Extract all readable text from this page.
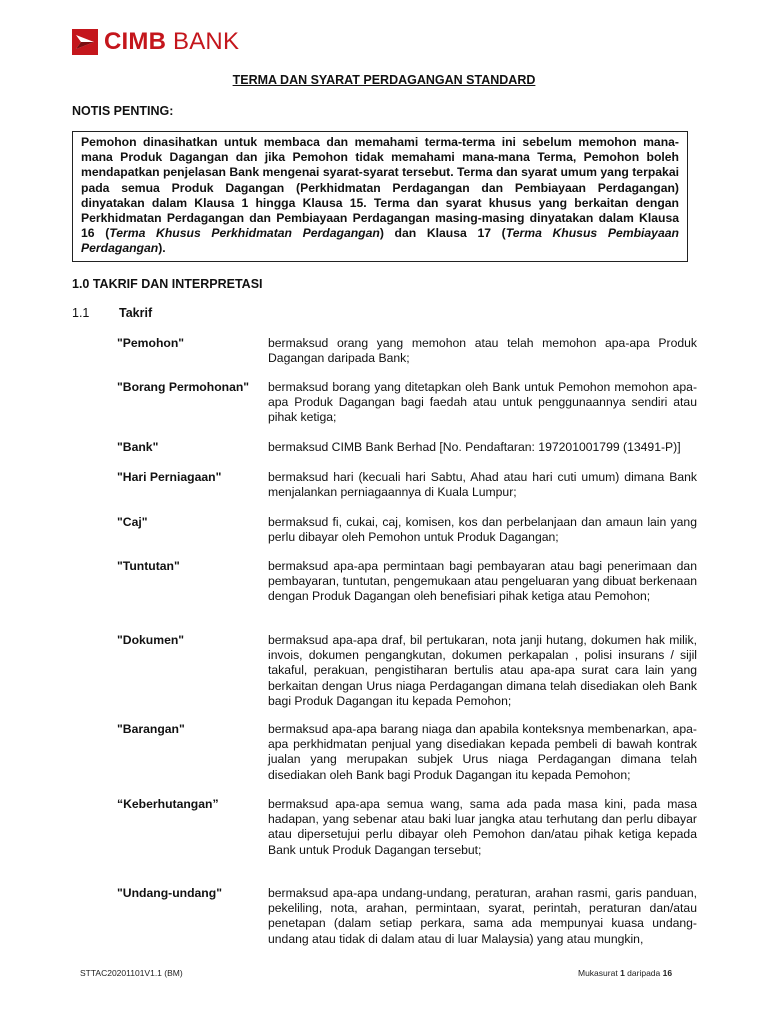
CIMB BANK
TERMA DAN SYARAT PERDAGANGAN STANDARD
NOTIS PENTING:
Pemohon dinasihatkan untuk membaca dan memahami terma-terma ini sebelum memohon mana-mana Produk Dagangan dan jika Pemohon tidak memahami mana-mana Terma, Pemohon boleh mendapatkan penjelasan Bank mengenai syarat-syarat tersebut. Terma dan syarat umum yang terpakai pada semua Produk Dagangan (Perkhidmatan Perdagangan dan Pembiayaan Perdagangan) dinyatakan dalam Klausa 1 hingga Klausa 15. Terma dan syarat khusus yang berkaitan dengan Perkhidmatan Perdagangan dan Pembiayaan Perdagangan masing-masing dinyatakan dalam Klausa 16 (Terma Khusus Perkhidmatan Perdagangan) dan Klausa 17 (Terma Khusus Pembiayaan Perdagangan).
1.0 TAKRIF DAN INTERPRETASI
1.1 Takrif
"Pemohon"	bermaksud orang yang memohon atau telah memohon apa-apa Produk Dagangan daripada Bank;
"Borang Permohonan"	bermaksud borang yang ditetapkan oleh Bank untuk Pemohon memohon apa-apa Produk Dagangan bagi faedah atau untuk penggunaannya sendiri atau pihak ketiga;
"Bank"	bermaksud CIMB Bank Berhad [No. Pendaftaran: 197201001799 (13491-P)]
"Hari Perniagaan"	bermaksud hari (kecuali hari Sabtu, Ahad atau hari cuti umum) dimana Bank menjalankan perniagaannya di Kuala Lumpur;
"Caj"	bermaksud fi, cukai, caj, komisen, kos dan perbelanjaan dan amaun lain yang perlu dibayar oleh Pemohon untuk Produk Dagangan;
"Tuntutan"	bermaksud apa-apa permintaan bagi pembayaran atau bagi penerimaan dan pembayaran, tuntutan, pengemukaan atau pengeluaran yang dibuat berkenaan dengan Produk Dagangan oleh benefisiari pihak ketiga atau Pemohon;
"Dokumen"	bermaksud apa-apa draf, bil pertukaran, nota janji hutang, dokumen hak milik, invois, dokumen pengangkutan, dokumen perkapalan , polisi insurans / sijil takaful, perakuan, pengistiharan bertulis atau apa-apa surat cara lain yang berkaitan dengan Urus niaga Perdagangan dimana telah disediakan oleh Bank bagi Produk Dagangan itu kepada Pemohon;
"Barangan"	bermaksud apa-apa barang niaga dan apabila konteksnya membenarkan, apa-apa perkhidmatan penjual yang disediakan kepada pembeli di bawah kontrak jualan yang merupakan subjek Urus niaga Perdagangan dimana telah disediakan oleh Bank bagi Produk Dagangan itu kepada Pemohon;
“Keberhutangan”	bermaksud apa-apa semua wang, sama ada pada masa kini, pada masa hadapan, yang sebenar atau baki luar jangka atau terhutang dan perlu dibayar atau dipersetujui perlu dibayar oleh Pemohon dan/atau pihak ketiga kepada Bank untuk Produk Dagangan tersebut;
"Undang-undang"	bermaksud apa-apa undang-undang, peraturan, arahan rasmi, garis panduan, pekeliling, nota, arahan, permintaan, syarat, perintah, peraturan dan/atau penetapan (dalam setiap perkara, sama ada mempunyai kuasa undang-undang atau tidak di dalam atau di luar Malaysia) yang atau mungkin,
STTAC20201101V1.1 (BM)	Mukasurat 1 daripada 16
